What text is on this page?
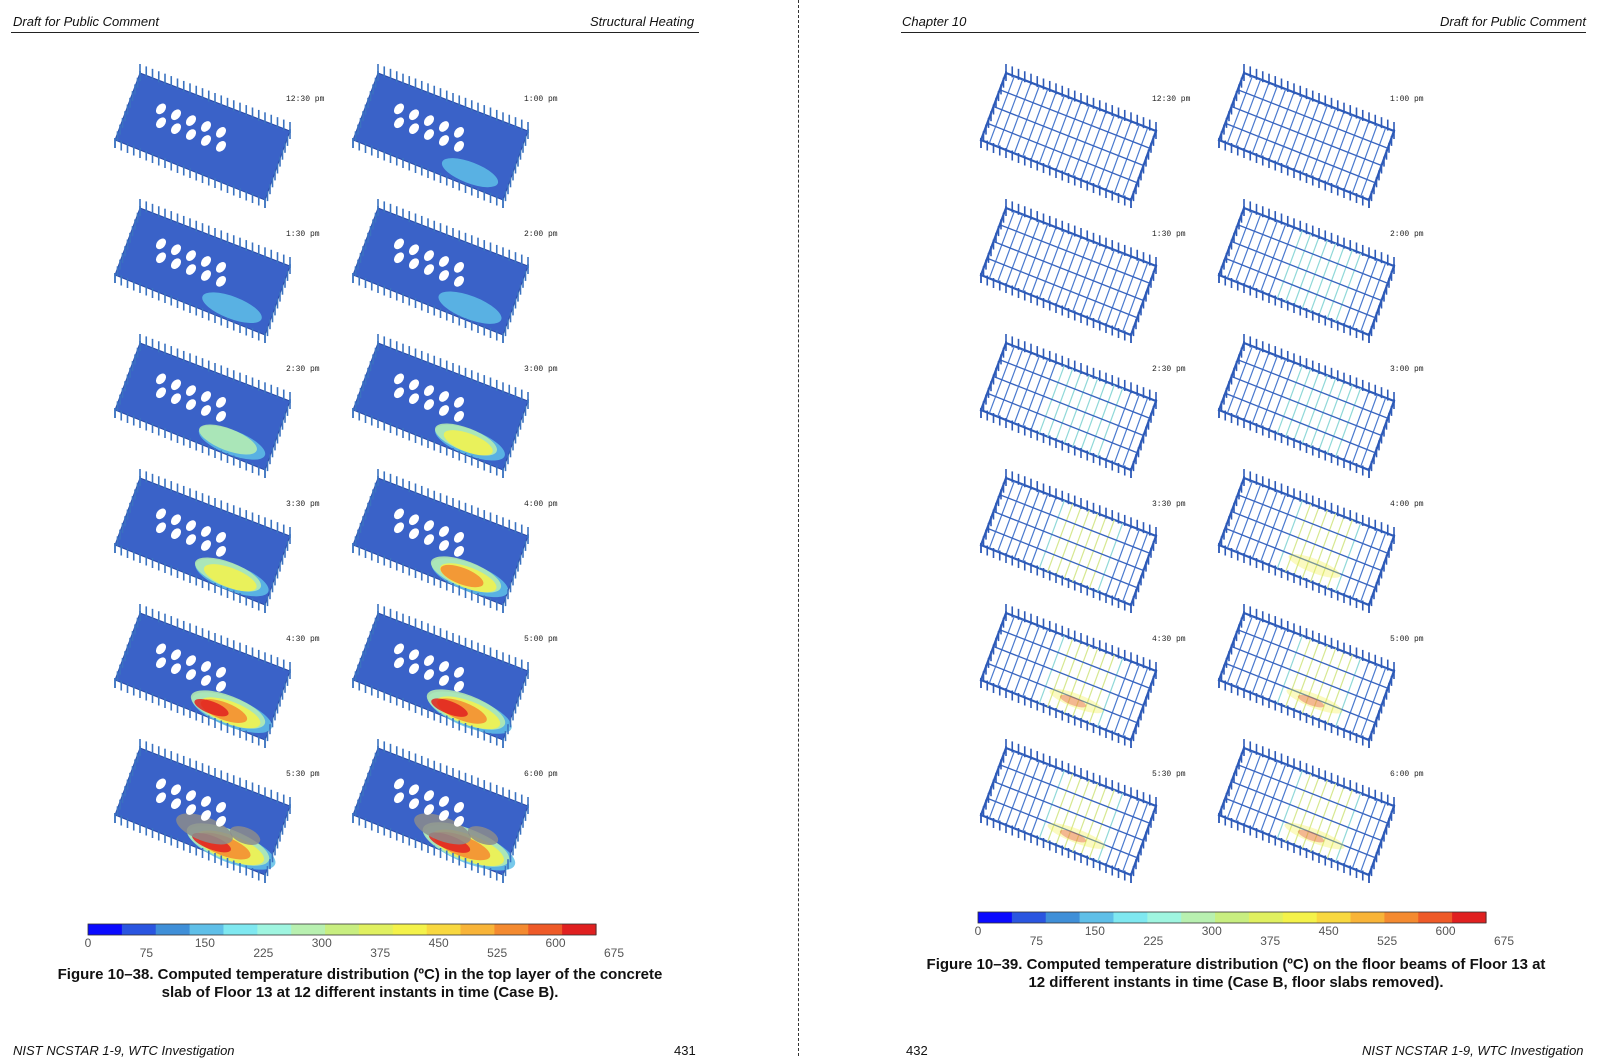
Draft for Public Comment	Structural Heating
12:30 pm	1:00 pm
1:30 pm	2:00 pm
2:30 pm	3:00 pm
3:30 pm	4:00 pm
4:30 pm	5:00 pm
5:30 pm	6:00 pm
0
75
150
225
300
375
450
525
600
675
Figure 10–38. Computed temperature distribution (ºC) in the top layer of the concrete
slab of Floor 13 at 12 different instants in time (Case B).
NIST NCSTAR 1-9, WTC Investigation	431
Chapter 10	Draft for Public Comment
12:30 pm	1:00 pm
1:30 pm	2:00 pm
2:30 pm	3:00 pm
3:30 pm	4:00 pm
4:30 pm	5:00 pm
5:30 pm	6:00 pm
0
75
150
225
300
375
450
525
600
675
Figure 10–39. Computed temperature distribution (ºC) on the floor beams of Floor 13 at
12 different instants in time (Case B, floor slabs removed).
432	NIST NCSTAR 1-9, WTC Investigation
